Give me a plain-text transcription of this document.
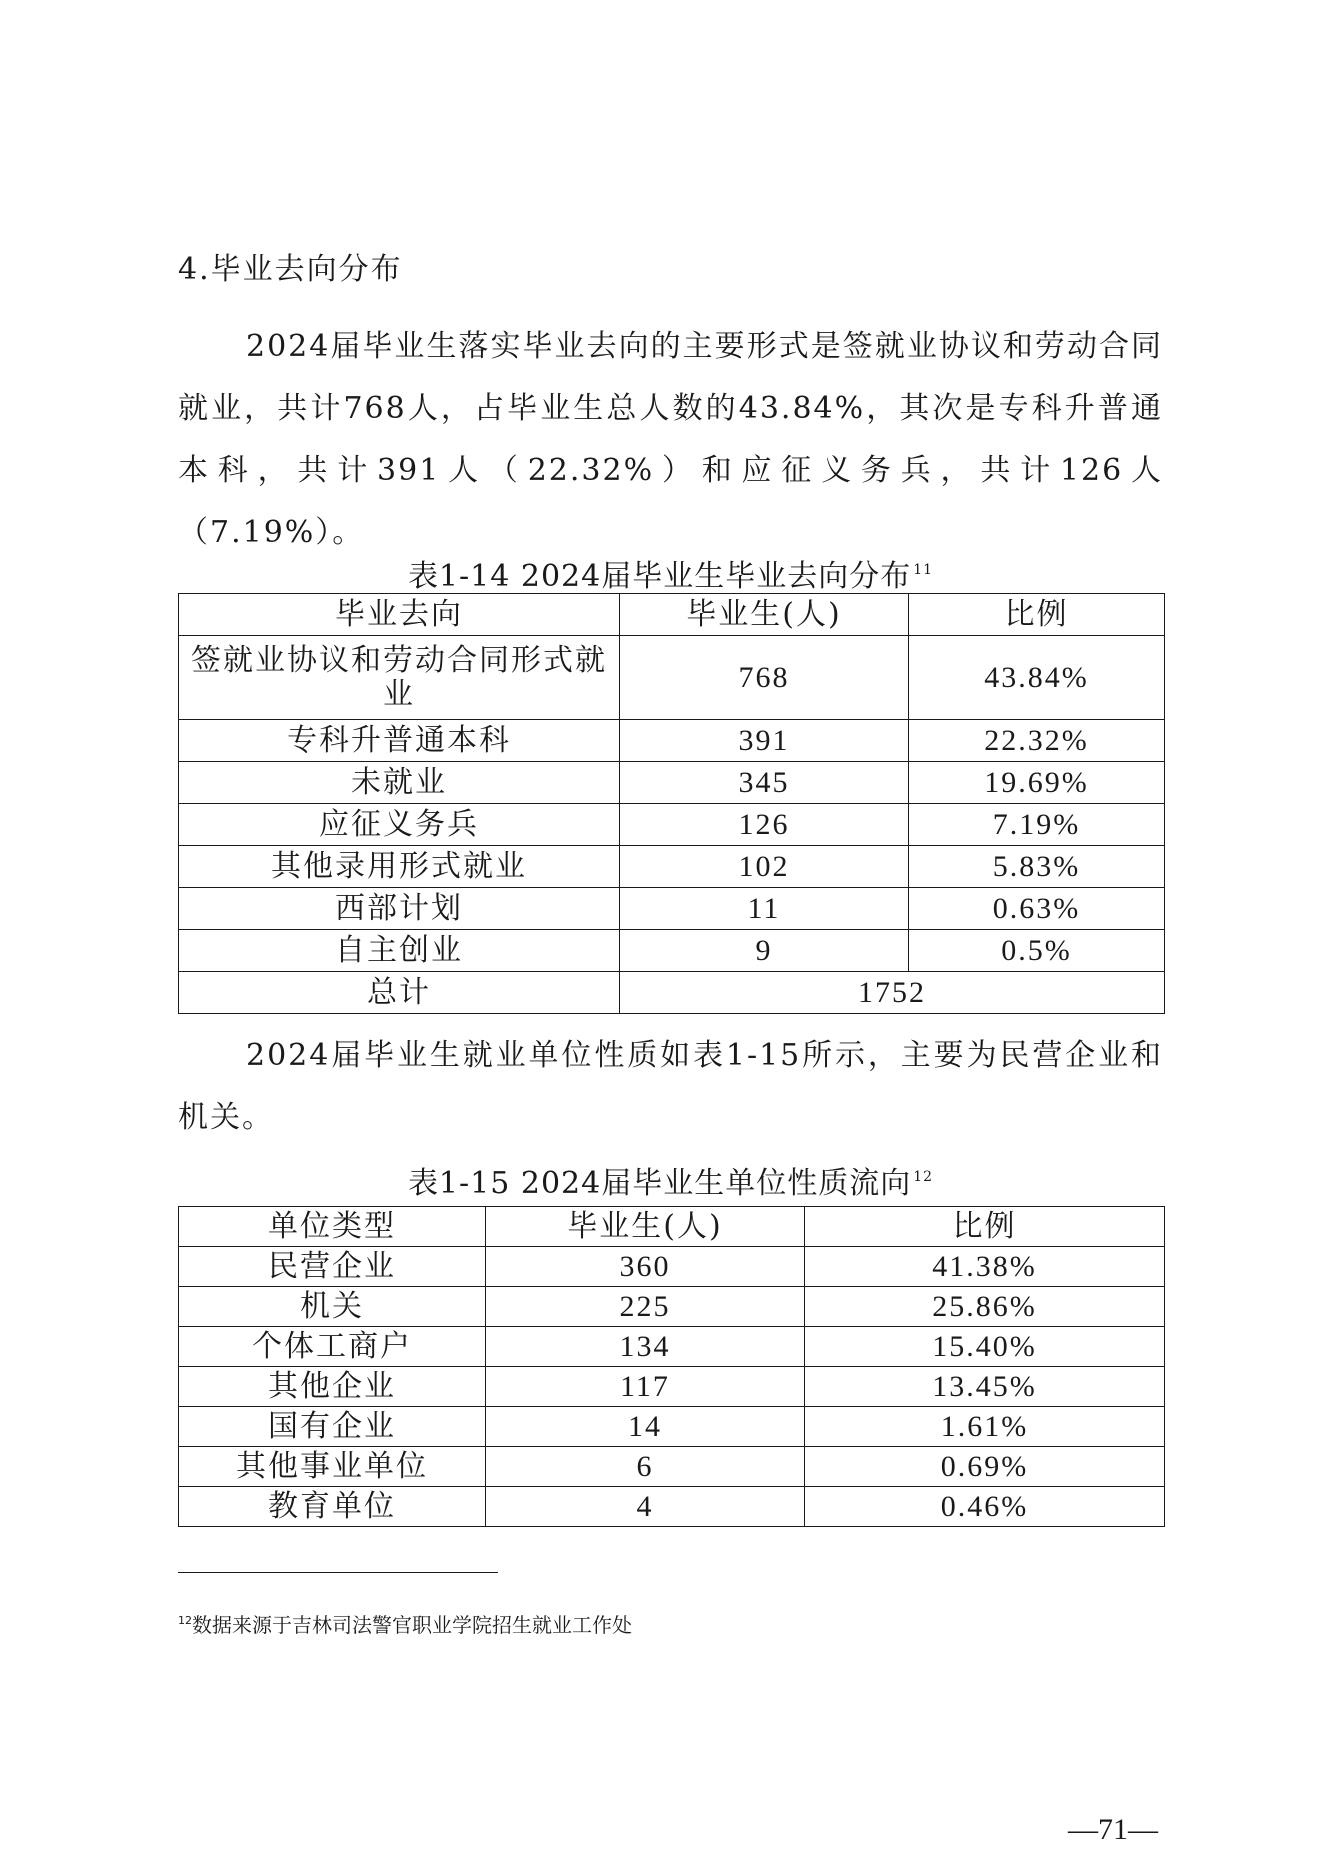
4.毕业去向分布
2024届毕业生落实毕业去向的主要形式是签就业协议和劳动合同就业，共计768人，占毕业生总人数的43.84%，其次是专科升普通本科，共计391人（22.32%）和应征义务兵，共计126人（7.19%）。
表1-14 2024届毕业生毕业去向分布 $^{11}$
毕业去向	毕业生(人)	比例
签就业协议和劳动合同形式就业	768	43.84%
专科升普通本科	391	22.32%
未就业	345	19.69%
应征义务兵	126	7.19%
其他录用形式就业	102	5.83%
西部计划	11	0.63%
自主创业	9	0.5%
总计	1752	
2024届毕业生就业单位性质如表1-15所示，主要为民营企业和机关。
表1-15 2024届毕业生单位性质流向 $^{12}$
单位类型	毕业生(人)	比例
民营企业	360	41.38%
机关	225	25.86%
个体工商户	134	15.40%
其他企业	117	13.45%
国有企业	14	1.61%
其他事业单位	6	0.69%
教育单位	4	0.46%
$^{12}$数据来源于吉林司法警官职业学院招生就业工作处
—71—
